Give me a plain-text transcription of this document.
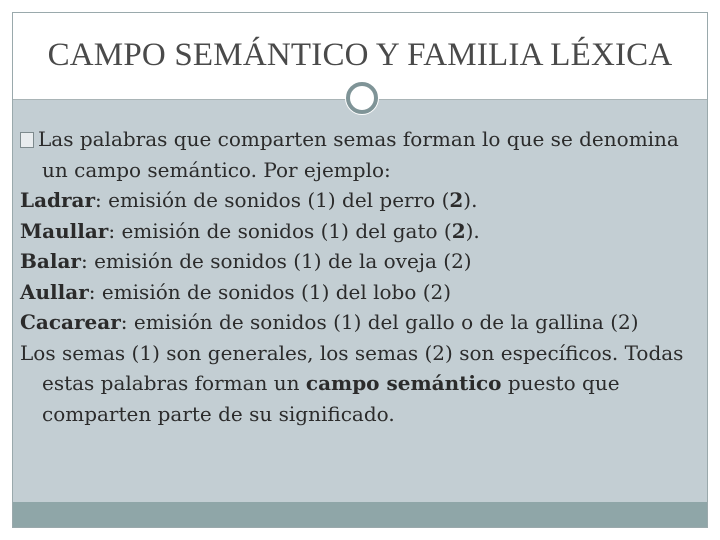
CAMPO SEMÁNTICO Y FAMILIA LÉXICA
Las palabras que comparten semas forman lo que se denomina un campo semántico. Por ejemplo:
Ladrar: emisión de sonidos (1) del perro (2).
Maullar: emisión de sonidos (1) del gato (2).
Balar: emisión de sonidos (1) de la oveja (2)
Aullar: emisión de sonidos (1) del lobo (2)
Cacarear: emisión de sonidos (1) del gallo o de la gallina (2)
Los semas (1) son generales, los semas (2) son específicos. Todas estas palabras forman un campo semántico puesto que comparten parte de su significado.
